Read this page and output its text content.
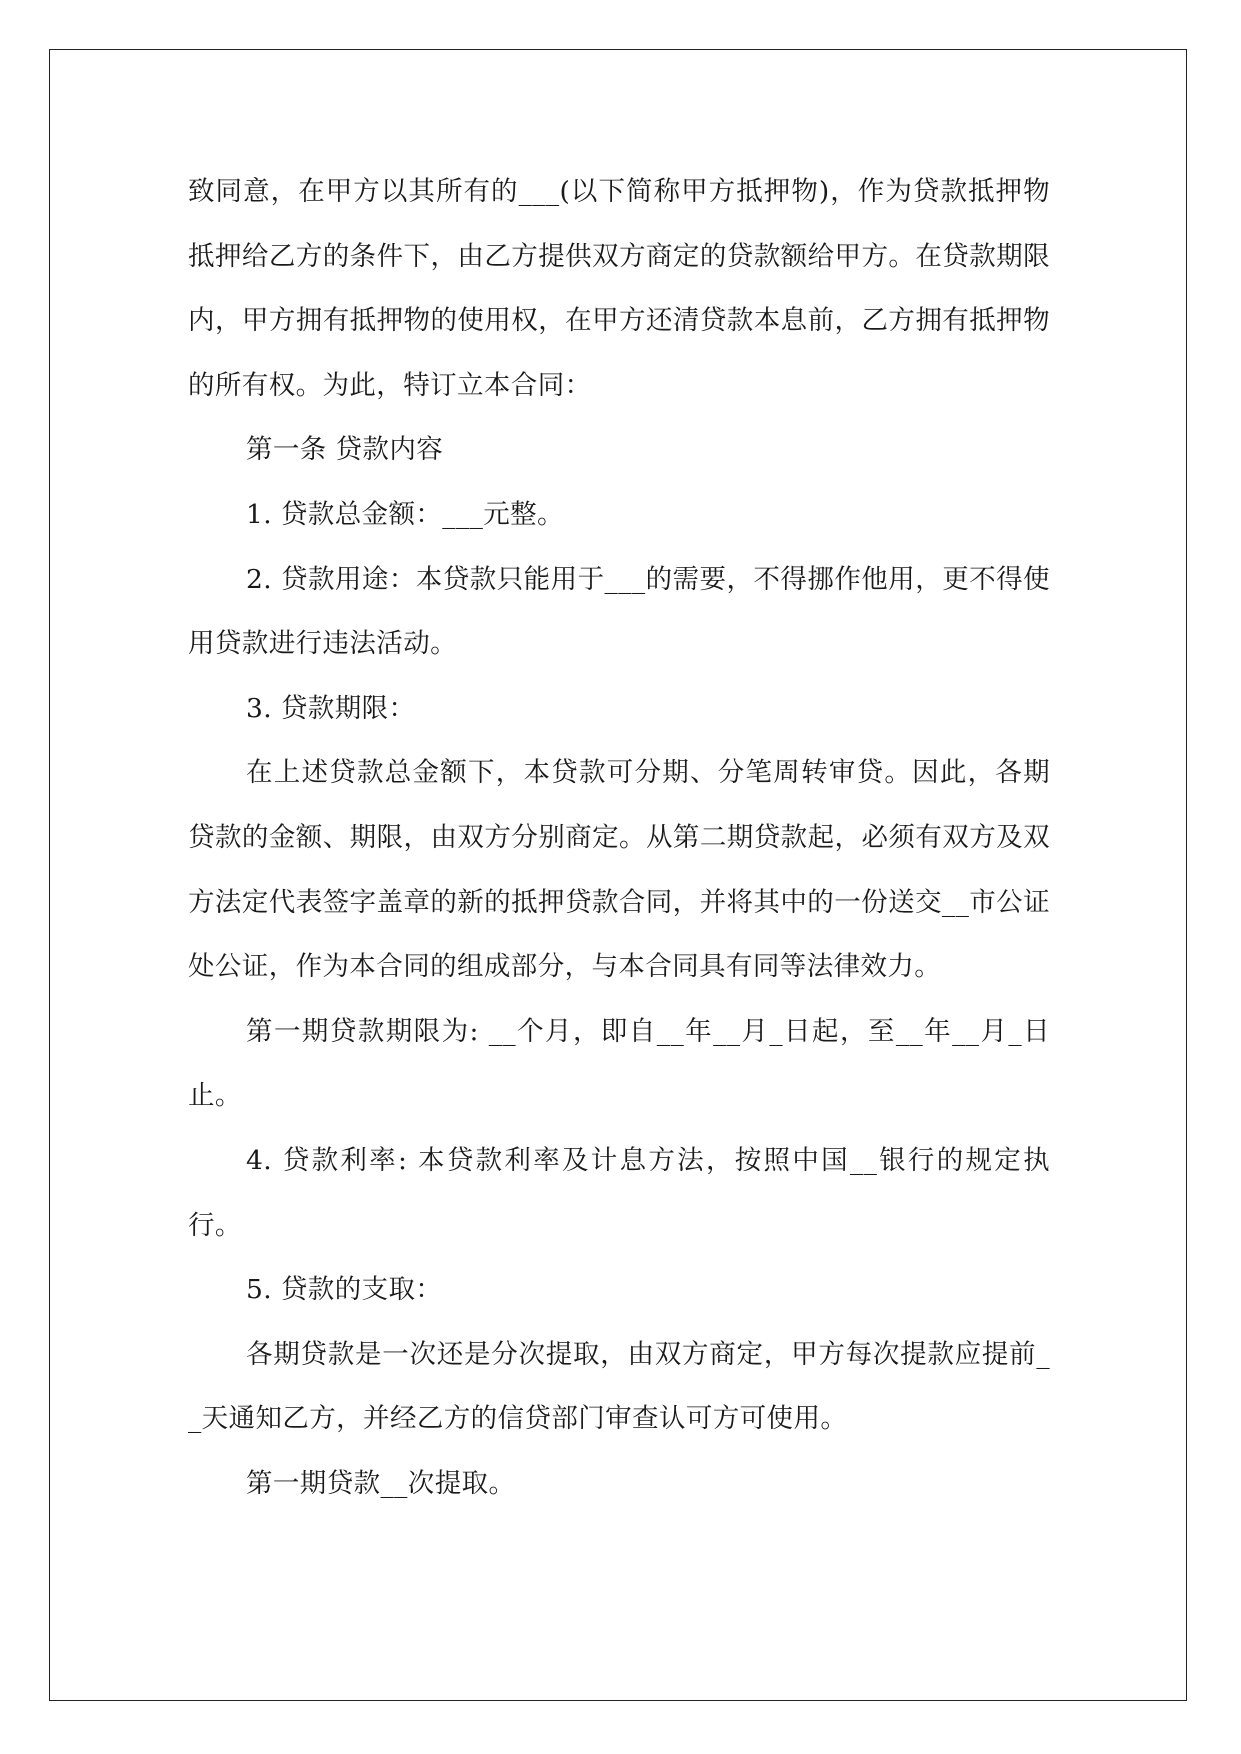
致同意，在甲方以其所有的___(以下简称甲方抵押物)，作为贷款抵押物抵押给乙方的条件下，由乙方提供双方商定的贷款额给甲方。在贷款期限内，甲方拥有抵押物的使用权，在甲方还清贷款本息前，乙方拥有抵押物的所有权。为此，特订立本合同：

第一条 贷款内容

1. 贷款总金额：___元整。

2. 贷款用途：本贷款只能用于___的需要，不得挪作他用，更不得使用贷款进行违法活动。

3. 贷款期限：

在上述贷款总金额下，本贷款可分期、分笔周转审贷。因此，各期贷款的金额、期限，由双方分别商定。从第二期贷款起，必须有双方及双方法定代表签字盖章的新的抵押贷款合同，并将其中的一份送交__市公证处公证，作为本合同的组成部分，与本合同具有同等法律效力。

第一期贷款期限为: __个月，即自__年__月_日起，至__年__月_日止。

4. 贷款利率: 本贷款利率及计息方法，按照中国__银行的规定执行。

5. 贷款的支取：

各期贷款是一次还是分次提取，由双方商定，甲方每次提款应提前__天通知乙方，并经乙方的信贷部门审查认可方可使用。

第一期贷款__次提取。
